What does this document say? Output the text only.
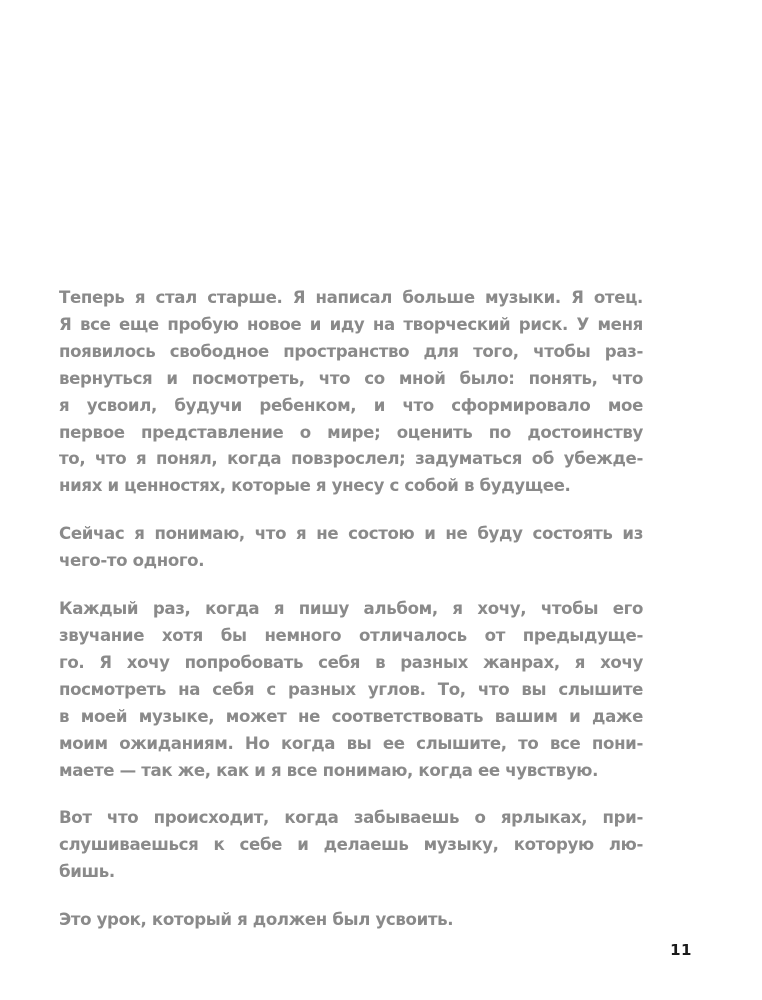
Теперь я стал старше. Я написал больше музыки. Я отец.
Я все еще пробую новое и иду на творческий риск. У меня
появилось свободное пространство для того, чтобы раз-
вернуться и посмотреть, что со мной было: понять, что
я усвоил, будучи ребенком, и что сформировало мое
первое представление о мире; оценить по достоинству
то, что я понял, когда повзрослел; задуматься об убежде-
ниях и ценностях, которые я унесу с собой в будущее.

Сейчас я понимаю, что я не состою и не буду состоять из
чего-то одного.

Каждый раз, когда я пишу альбом, я хочу, чтобы его
звучание хотя бы немного отличалось от предыдуще-
го. Я хочу попробовать себя в разных жанрах, я хочу
посмотреть на себя с разных углов. То, что вы слышите
в моей музыке, может не соответствовать вашим и даже
моим ожиданиям. Но когда вы ее слышите, то все пони-
маете — так же, как и я все понимаю, когда ее чувствую.

Вот что происходит, когда забываешь о ярлыках, при-
слушиваешься к себе и делаешь музыку, которую лю-
бишь.

Это урок, который я должен был усвоить.

11
